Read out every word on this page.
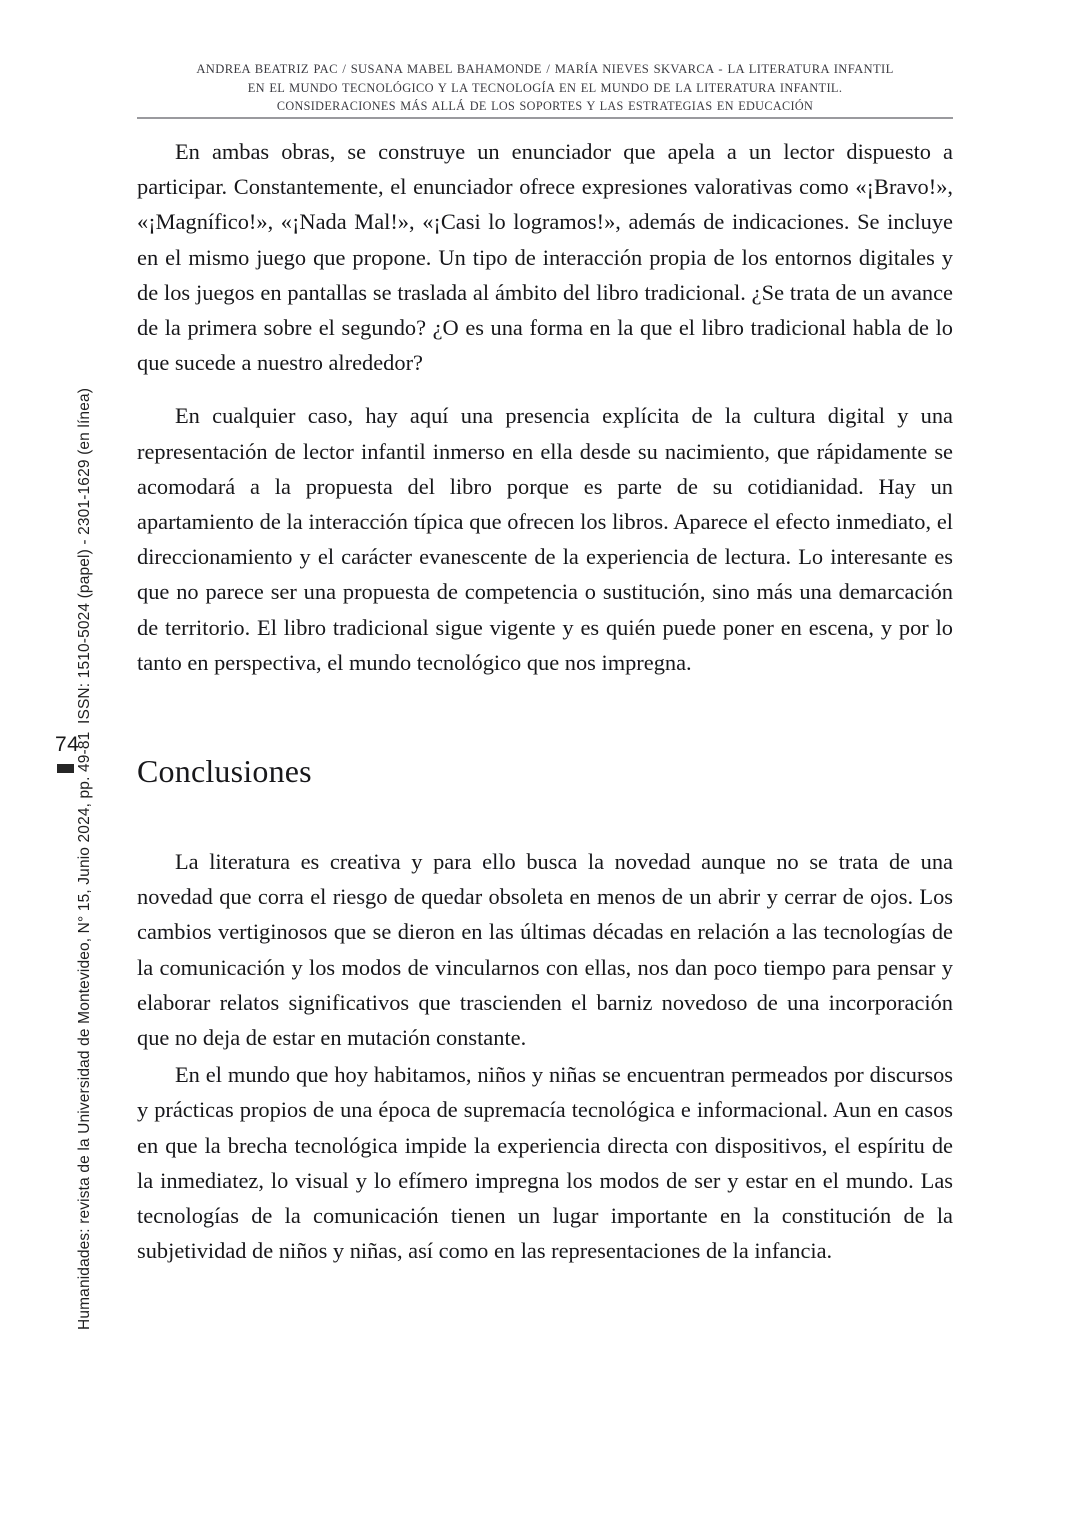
ANDREA BEATRIZ PAC / SUSANA MABEL BAHAMONDE / MARÍA NIEVES SKVARCA - LA LITERATURA INFANTIL
EN EL MUNDO TECNOLÓGICO Y LA TECNOLOGÍA EN EL MUNDO DE LA LITERATURA INFANTIL.
CONSIDERACIONES MÁS ALLÁ DE LOS SOPORTES Y LAS ESTRATEGIAS EN EDUCACIÓN
ISSN: 1510-5024 (papel) - 2301-1629 (en línea)
74
Humanidades: revista de la Universidad de Montevideo, N° 15, Junio 2024, pp. 49-81

En ambas obras, se construye un enunciador que apela a un lector dispuesto a participar. Constantemente, el enunciador ofrece expresiones valorativas como «¡Bravo!», «¡Magnífico!», «¡Nada Mal!», «¡Casi lo logramos!», además de indicaciones. Se incluye en el mismo juego que propone. Un tipo de interacción propia de los entornos digitales y de los juegos en pantallas se traslada al ámbito del libro tradicional. ¿Se trata de un avance de la primera sobre el segundo? ¿O es una forma en la que el libro tradicional habla de lo que sucede a nuestro alrededor?

En cualquier caso, hay aquí una presencia explícita de la cultura digital y una representación de lector infantil inmerso en ella desde su nacimiento, que rápidamente se acomodará a la propuesta del libro porque es parte de su cotidianidad. Hay un apartamiento de la interacción típica que ofrecen los libros. Aparece el efecto inmediato, el direccionamiento y el carácter evanescente de la experiencia de lectura. Lo interesante es que no parece ser una propuesta de competencia o sustitución, sino más una demarcación de territorio. El libro tradicional sigue vigente y es quién puede poner en escena, y por lo tanto en perspectiva, el mundo tecnológico que nos impregna.

Conclusiones

La literatura es creativa y para ello busca la novedad aunque no se trata de una novedad que corra el riesgo de quedar obsoleta en menos de un abrir y cerrar de ojos. Los cambios vertiginosos que se dieron en las últimas décadas en relación a las tecnologías de la comunicación y los modos de vincularnos con ellas, nos dan poco tiempo para pensar y elaborar relatos significativos que trascienden el barniz novedoso de una incorporación que no deja de estar en mutación constante.

En el mundo que hoy habitamos, niños y niñas se encuentran permeados por discursos y prácticas propios de una época de supremacía tecnológica e informacional. Aun en casos en que la brecha tecnológica impide la experiencia directa con dispositivos, el espíritu de la inmediatez, lo visual y lo efímero impregna los modos de ser y estar en el mundo. Las tecnologías de la comunicación tienen un lugar importante en la constitución de la subjetividad de niños y niñas, así como en las representaciones de la infancia.
